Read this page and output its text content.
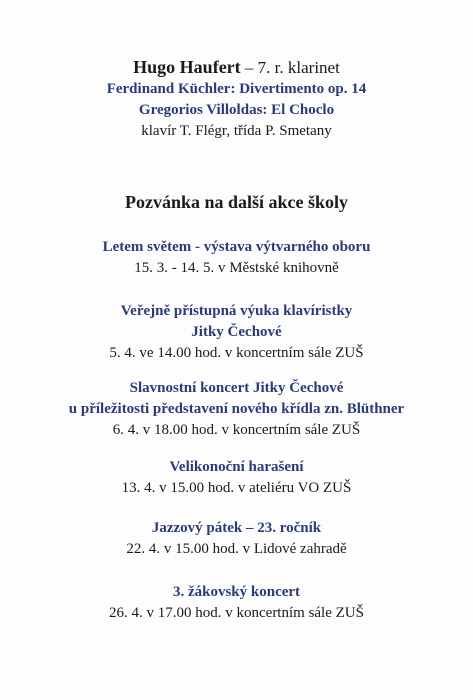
Hugo Haufert – 7. r. klarinet
Ferdinand Küchler: Divertimento op. 14
Gregorios Villoldas: El Choclo
klavír T. Flégr, třída P. Smetany
Pozvánka na další akce školy
Letem světem - výstava výtvarného oboru
15. 3. - 14. 5. v Městské knihovně
Veřejně přístupná výuka klavíristky
Jitky Čechové
5. 4. ve 14.00 hod. v koncertním sále ZUŠ
Slavnostní koncert Jitky Čechové
u příležitosti představení nového křídla zn. Blüthner
6. 4. v 18.00 hod. v koncertním sále ZUŠ
Velikonoční harašení
13. 4. v 15.00 hod. v ateliéru VO ZUŠ
Jazzový pátek – 23. ročník
22. 4. v 15.00 hod. v Lidové zahradě
3. žákovský koncert
26. 4. v 17.00 hod. v koncertním sále ZUŠ
